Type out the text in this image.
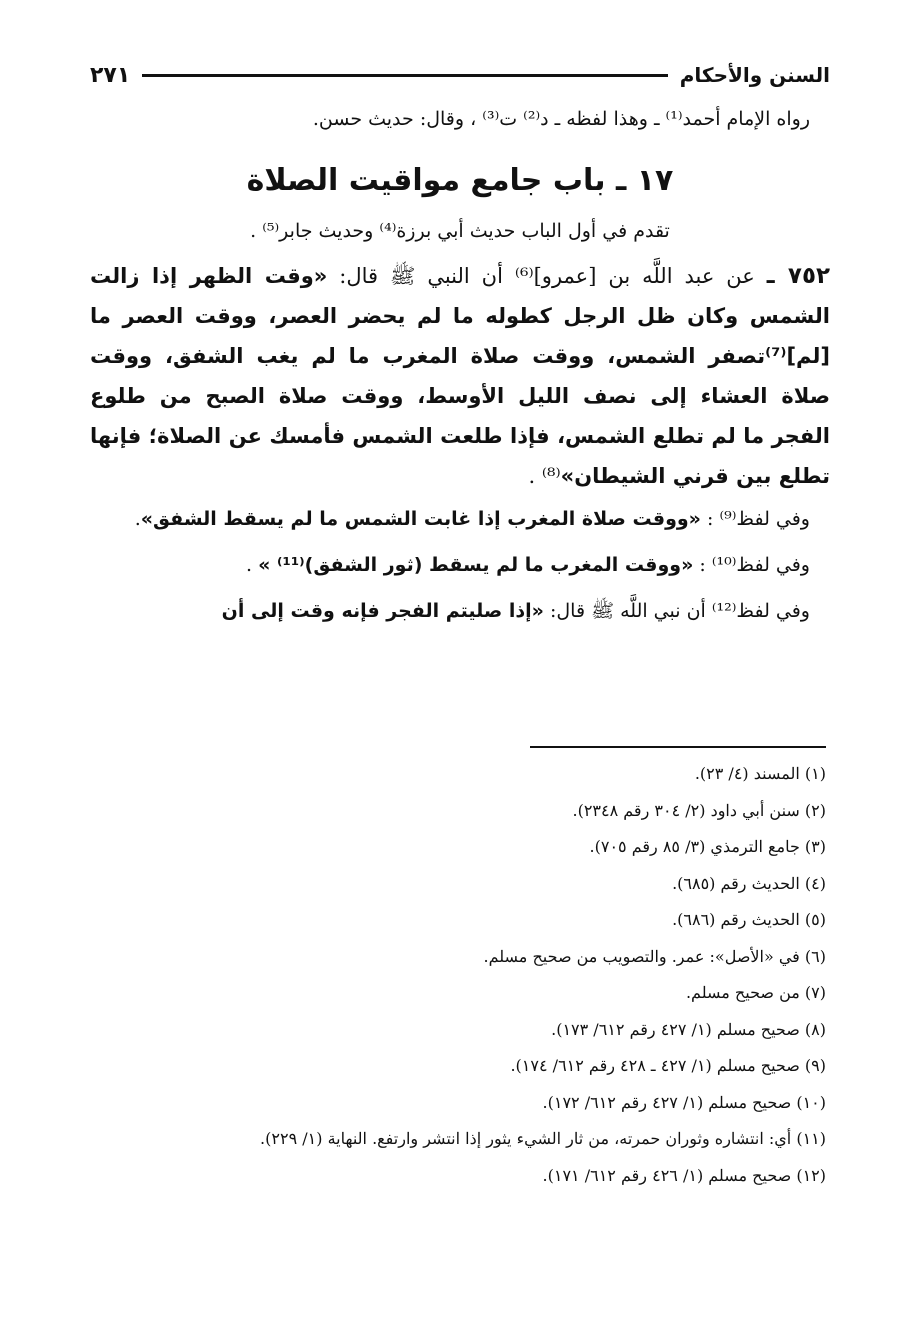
السنن والأحكام
٢٧١

رواه الإمام أحمد⁽¹⁾ ـ وهذا لفظه ـ د⁽²⁾ ت⁽³⁾ ، وقال: حديث حسن.

١٧ ـ باب جامع مواقيت الصلاة

تقدم في أول الباب حديث أبي برزة⁽⁴⁾ وحديث جابر⁽⁵⁾ .

٧٥٢ ـ عن عبد اللَّه بن [عمرو]⁽⁶⁾ أن النبي ﷺ قال: «وقت الظهر إذا زالت الشمس وكان ظل الرجل كطوله ما لم يحضر العصر، ووقت العصر ما [لم]⁽⁷⁾تصفر الشمس، ووقت صلاة المغرب ما لم يغب الشفق، ووقت صلاة العشاء إلى نصف الليل الأوسط، ووقت صلاة الصبح من طلوع الفجر ما لم تطلع الشمس، فإذا طلعت الشمس فأمسك عن الصلاة؛ فإنها تطلع بين قرني الشيطان»⁽⁸⁾ .

وفي لفظ⁽⁹⁾ : «ووقت صلاة المغرب إذا غابت الشمس ما لم يسقط الشفق».

وفي لفظ⁽¹⁰⁾ : «ووقت المغرب ما لم يسقط (ثور الشفق)⁽¹¹⁾ » .

وفي لفظ⁽¹²⁾ أن نبي اللَّه ﷺ قال: «إذا صليتم الفجر فإنه وقت إلى أن

(١) المسند (٤/ ٢٣).
(٢) سنن أبي داود (٢/ ٣٠٤ رقم ٢٣٤٨).
(٣) جامع الترمذي (٣/ ٨٥ رقم ٧٠٥).
(٤) الحديث رقم (٦٨٥).
(٥) الحديث رقم (٦٨٦).
(٦) في «الأصل»: عمر. والتصويب من صحيح مسلم.
(٧) من صحيح مسلم.
(٨) صحيح مسلم (١/ ٤٢٧ رقم ٦١٢/ ١٧٣).
(٩) صحيح مسلم (١/ ٤٢٧ ـ ٤٢٨ رقم ٦١٢/ ١٧٤).
(١٠) صحيح مسلم (١/ ٤٢٧ رقم ٦١٢/ ١٧٢).
(١١) أي: انتشاره وثوران حمرته، من ثار الشيء يثور إذا انتشر وارتفع. النهاية (١/ ٢٢٩).
(١٢) صحيح مسلم (١/ ٤٢٦ رقم ٦١٢/ ١٧١).
